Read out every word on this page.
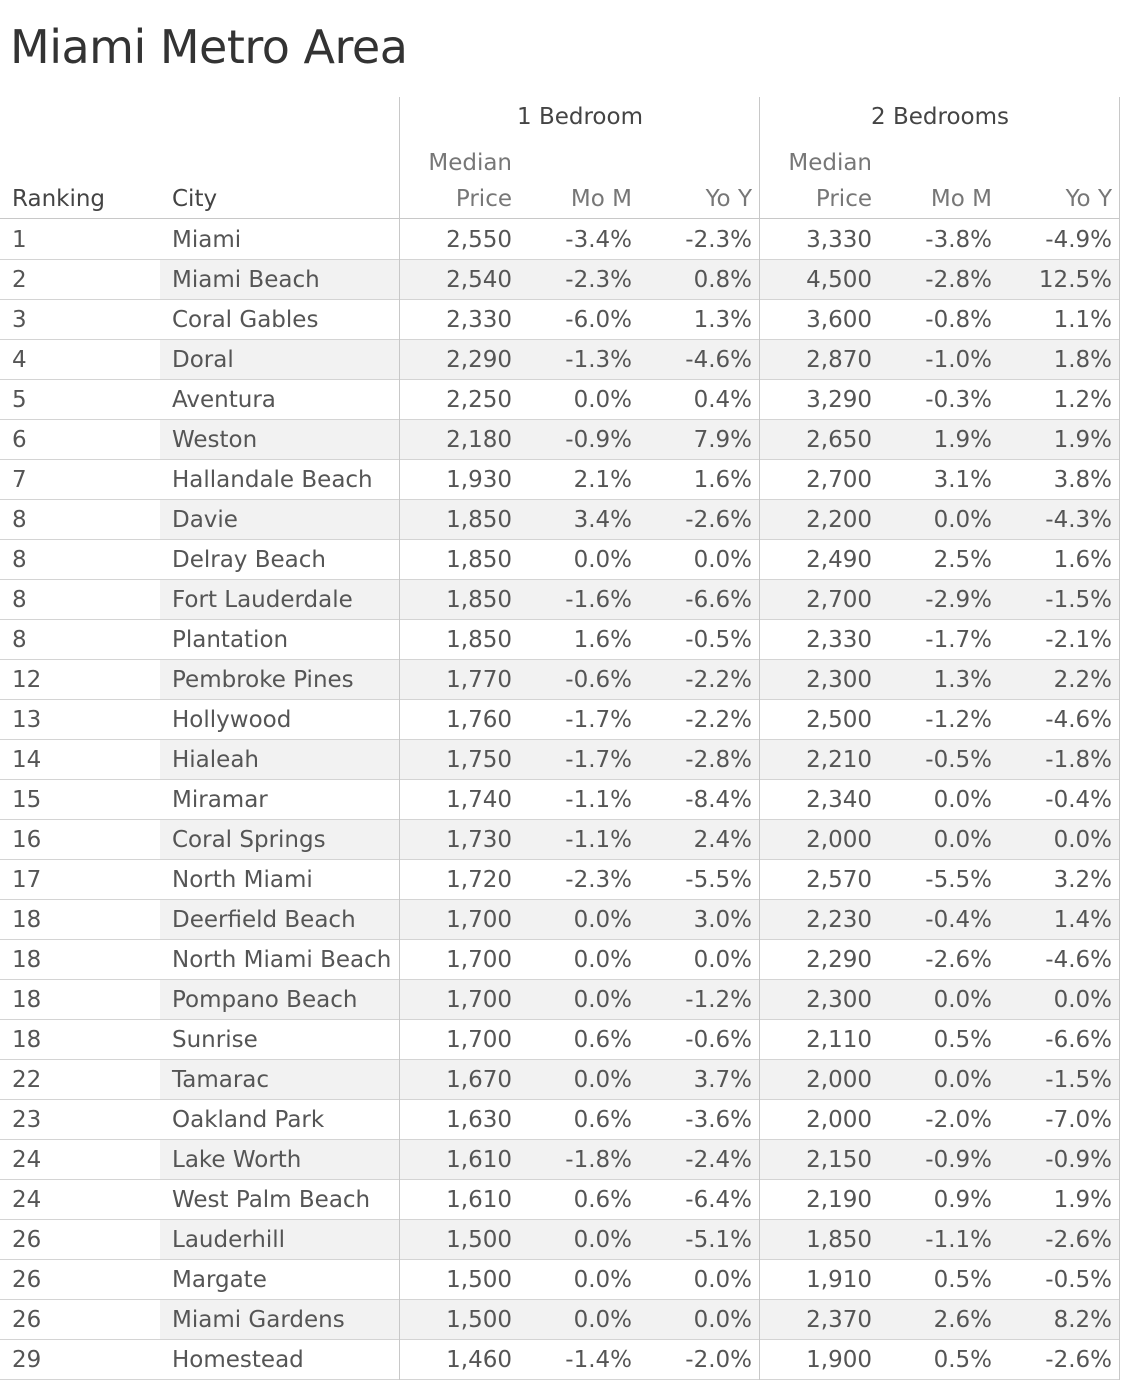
Miami Metro Area
1 Bedroom	2 Bedrooms
Ranking	City
Median
Price	Mo M	Yo Y
Median
Price	Mo M	Yo Y
1	Miami	2,550	-3.4%	-2.3%	3,330	-3.8%	-4.9%
2	Miami Beach	2,540	-2.3%	0.8%	4,500	-2.8%	12.5%
3	Coral Gables	2,330	-6.0%	1.3%	3,600	-0.8%	1.1%
4	Doral	2,290	-1.3%	-4.6%	2,870	-1.0%	1.8%
5	Aventura	2,250	0.0%	0.4%	3,290	-0.3%	1.2%
6	Weston	2,180	-0.9%	7.9%	2,650	1.9%	1.9%
7	Hallandale Beach	1,930	2.1%	1.6%	2,700	3.1%	3.8%
8	Davie	1,850	3.4%	-2.6%	2,200	0.0%	-4.3%
8	Delray Beach	1,850	0.0%	0.0%	2,490	2.5%	1.6%
8	Fort Lauderdale	1,850	-1.6%	-6.6%	2,700	-2.9%	-1.5%
8	Plantation	1,850	1.6%	-0.5%	2,330	-1.7%	-2.1%
12	Pembroke Pines	1,770	-0.6%	-2.2%	2,300	1.3%	2.2%
13	Hollywood	1,760	-1.7%	-2.2%	2,500	-1.2%	-4.6%
14	Hialeah	1,750	-1.7%	-2.8%	2,210	-0.5%	-1.8%
15	Miramar	1,740	-1.1%	-8.4%	2,340	0.0%	-0.4%
16	Coral Springs	1,730	-1.1%	2.4%	2,000	0.0%	0.0%
17	North Miami	1,720	-2.3%	-5.5%	2,570	-5.5%	3.2%
18	Deerfield Beach	1,700	0.0%	3.0%	2,230	-0.4%	1.4%
18	North Miami Beach	1,700	0.0%	0.0%	2,290	-2.6%	-4.6%
18	Pompano Beach	1,700	0.0%	-1.2%	2,300	0.0%	0.0%
18	Sunrise	1,700	0.6%	-0.6%	2,110	0.5%	-6.6%
22	Tamarac	1,670	0.0%	3.7%	2,000	0.0%	-1.5%
23	Oakland Park	1,630	0.6%	-3.6%	2,000	-2.0%	-7.0%
24	Lake Worth	1,610	-1.8%	-2.4%	2,150	-0.9%	-0.9%
24	West Palm Beach	1,610	0.6%	-6.4%	2,190	0.9%	1.9%
26	Lauderhill	1,500	0.0%	-5.1%	1,850	-1.1%	-2.6%
26	Margate	1,500	0.0%	0.0%	1,910	0.5%	-0.5%
26	Miami Gardens	1,500	0.0%	0.0%	2,370	2.6%	8.2%
29	Homestead	1,460	-1.4%	-2.0%	1,900	0.5%	-2.6%
